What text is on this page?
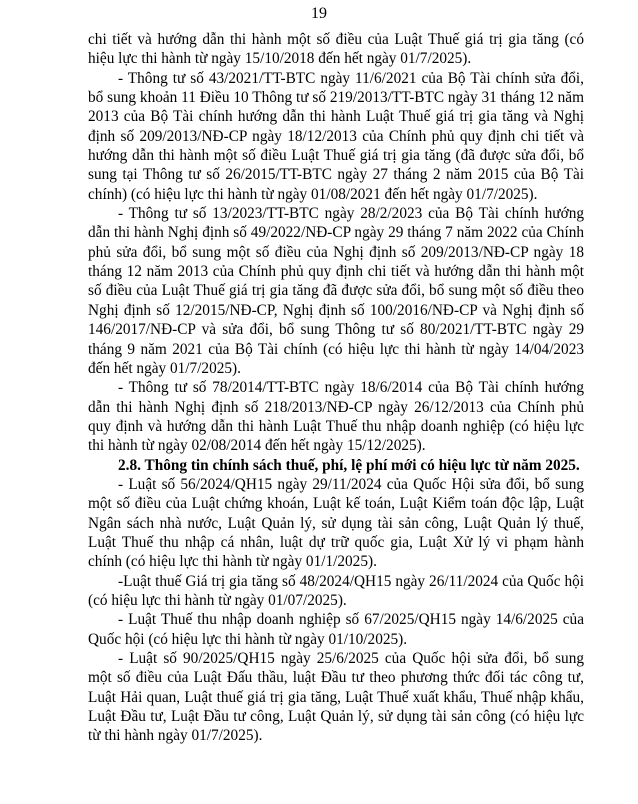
19

chi tiết và hướng dẫn thi hành một số điều của Luật Thuế giá trị gia tăng (có hiệu lực thi hành từ ngày 15/10/2018 đến hết ngày 01/7/2025).

- Thông tư số 43/2021/TT-BTC ngày 11/6/2021 của Bộ Tài chính sửa đổi, bổ sung khoản 11 Điều 10 Thông tư số 219/2013/TT-BTC ngày 31 tháng 12 năm 2013 của Bộ Tài chính hướng dẫn thi hành Luật Thuế giá trị gia tăng và Nghị định số 209/2013/NĐ-CP ngày 18/12/2013 của Chính phủ quy định chi tiết và hướng dẫn thi hành một số điều Luật Thuế giá trị gia tăng (đã được sửa đổi, bổ sung tại Thông tư số 26/2015/TT-BTC ngày 27 tháng 2 năm 2015 của Bộ Tài chính) (có hiệu lực thi hành từ ngày 01/08/2021 đến hết ngày 01/7/2025).

- Thông tư số 13/2023/TT-BTC ngày 28/2/2023 của Bộ Tài chính hướng dẫn thi hành Nghị định số 49/2022/NĐ-CP ngày 29 tháng 7 năm 2022 của Chính phủ sửa đổi, bổ sung một số điều của Nghị định số 209/2013/NĐ-CP ngày 18 tháng 12 năm 2013 của Chính phủ quy định chi tiết và hướng dẫn thi hành một số điều của Luật Thuế giá trị gia tăng đã được sửa đổi, bổ sung một số điều theo Nghị định số 12/2015/NĐ-CP, Nghị định số 100/2016/NĐ-CP và Nghị định số 146/2017/NĐ-CP và sửa đổi, bổ sung Thông tư số 80/2021/TT-BTC ngày 29 tháng 9 năm 2021 của Bộ Tài chính (có hiệu lực thi hành từ ngày 14/04/2023 đến hết ngày 01/7/2025).

- Thông tư số 78/2014/TT-BTC ngày 18/6/2014 của Bộ Tài chính hướng dẫn thi hành Nghị định số 218/2013/NĐ-CP ngày 26/12/2013 của Chính phủ quy định và hướng dẫn thi hành Luật Thuế thu nhập doanh nghiệp (có hiệu lực thi hành từ ngày 02/08/2014 đến hết ngày 15/12/2025).

2.8. Thông tin chính sách thuế, phí, lệ phí mới có hiệu lực từ năm 2025.

- Luật số 56/2024/QH15 ngày 29/11/2024 của Quốc Hội sửa đổi, bổ sung một số điều của Luật chứng khoán, Luật kế toán, Luật Kiểm toán độc lập, Luật Ngân sách nhà nước, Luật Quản lý, sử dụng tài sản công, Luật Quản lý thuế, Luật Thuế thu nhập cá nhân, luật dự trữ quốc gia, Luật Xử lý vi phạm hành chính (có hiệu lực thi hành từ ngày 01/1/2025).

-Luật thuế Giá trị gia tăng số 48/2024/QH15 ngày 26/11/2024 của Quốc hội (có hiệu lực thi hành từ ngày 01/07/2025).

- Luật Thuế thu nhập doanh nghiệp số 67/2025/QH15 ngày 14/6/2025 của Quốc hội (có hiệu lực thi hành từ ngày 01/10/2025).

- Luật số 90/2025/QH15 ngày 25/6/2025 của Quốc hội sửa đổi, bổ sung một số điều của Luật Đấu thầu, luật Đầu tư theo phương thức đối tác công tư, Luật Hải quan, Luật thuế giá trị gia tăng, Luật Thuế xuất khẩu, Thuế nhập khẩu, Luật Đầu tư, Luật Đầu tư công, Luật Quản lý, sử dụng tài sản công (có hiệu lực từ thi hành ngày 01/7/2025).
